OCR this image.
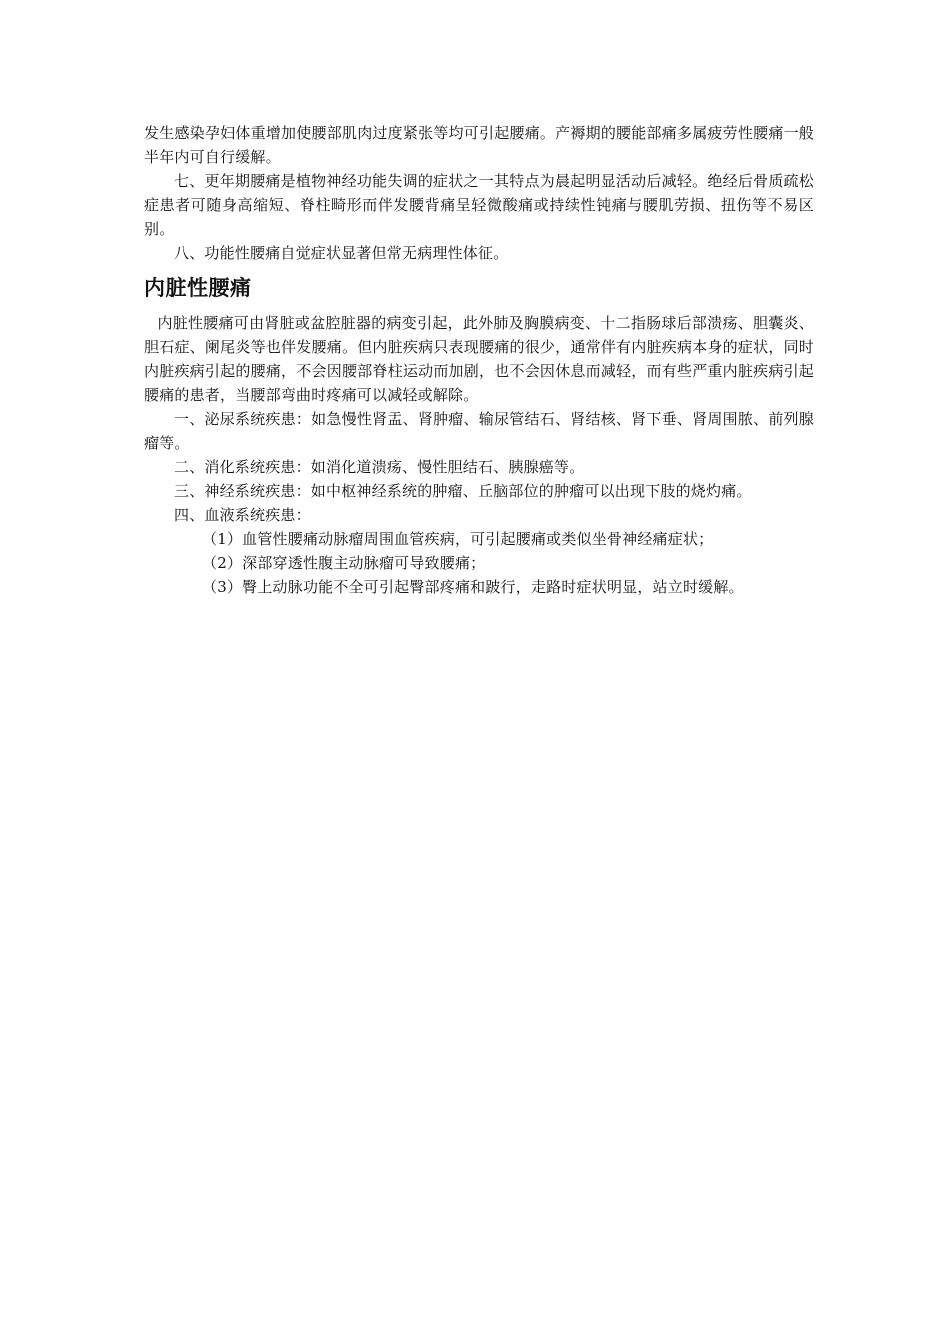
发生感染孕妇体重增加使腰部肌肉过度紧张等均可引起腰痛。产褥期的腰能部痛多属疲劳性腰痛一般半年内可自行缓解。

七、更年期腰痛是植物神经功能失调的症状之一其特点为晨起明显活动后减轻。绝经后骨质疏松症患者可随身高缩短、脊柱畸形而伴发腰背痛呈轻微酸痛或持续性钝痛与腰肌劳损、扭伤等不易区别。

八、功能性腰痛自觉症状显著但常无病理性体征。

内脏性腰痛

内脏性腰痛可由肾脏或盆腔脏器的病变引起，此外肺及胸膜病变、十二指肠球后部溃疡、胆囊炎、胆石症、阑尾炎等也伴发腰痛。但内脏疾病只表现腰痛的很少，通常伴有内脏疾病本身的症状，同时内脏疾病引起的腰痛，不会因腰部脊柱运动而加剧，也不会因休息而减轻，而有些严重内脏疾病引起腰痛的患者，当腰部弯曲时疼痛可以减轻或解除。

一、泌尿系统疾患：如急慢性肾盂、肾肿瘤、输尿管结石、肾结核、肾下垂、肾周围脓、前列腺瘤等。

二、消化系统疾患：如消化道溃疡、慢性胆结石、胰腺癌等。

三、神经系统疾患：如中枢神经系统的肿瘤、丘脑部位的肿瘤可以出现下肢的烧灼痛。

四、血液系统疾患：

（1）血管性腰痛动脉瘤周围血管疾病，可引起腰痛或类似坐骨神经痛症状；

（2）深部穿透性腹主动脉瘤可导致腰痛；

（3）臀上动脉功能不全可引起臀部疼痛和跛行，走路时症状明显，站立时缓解。
